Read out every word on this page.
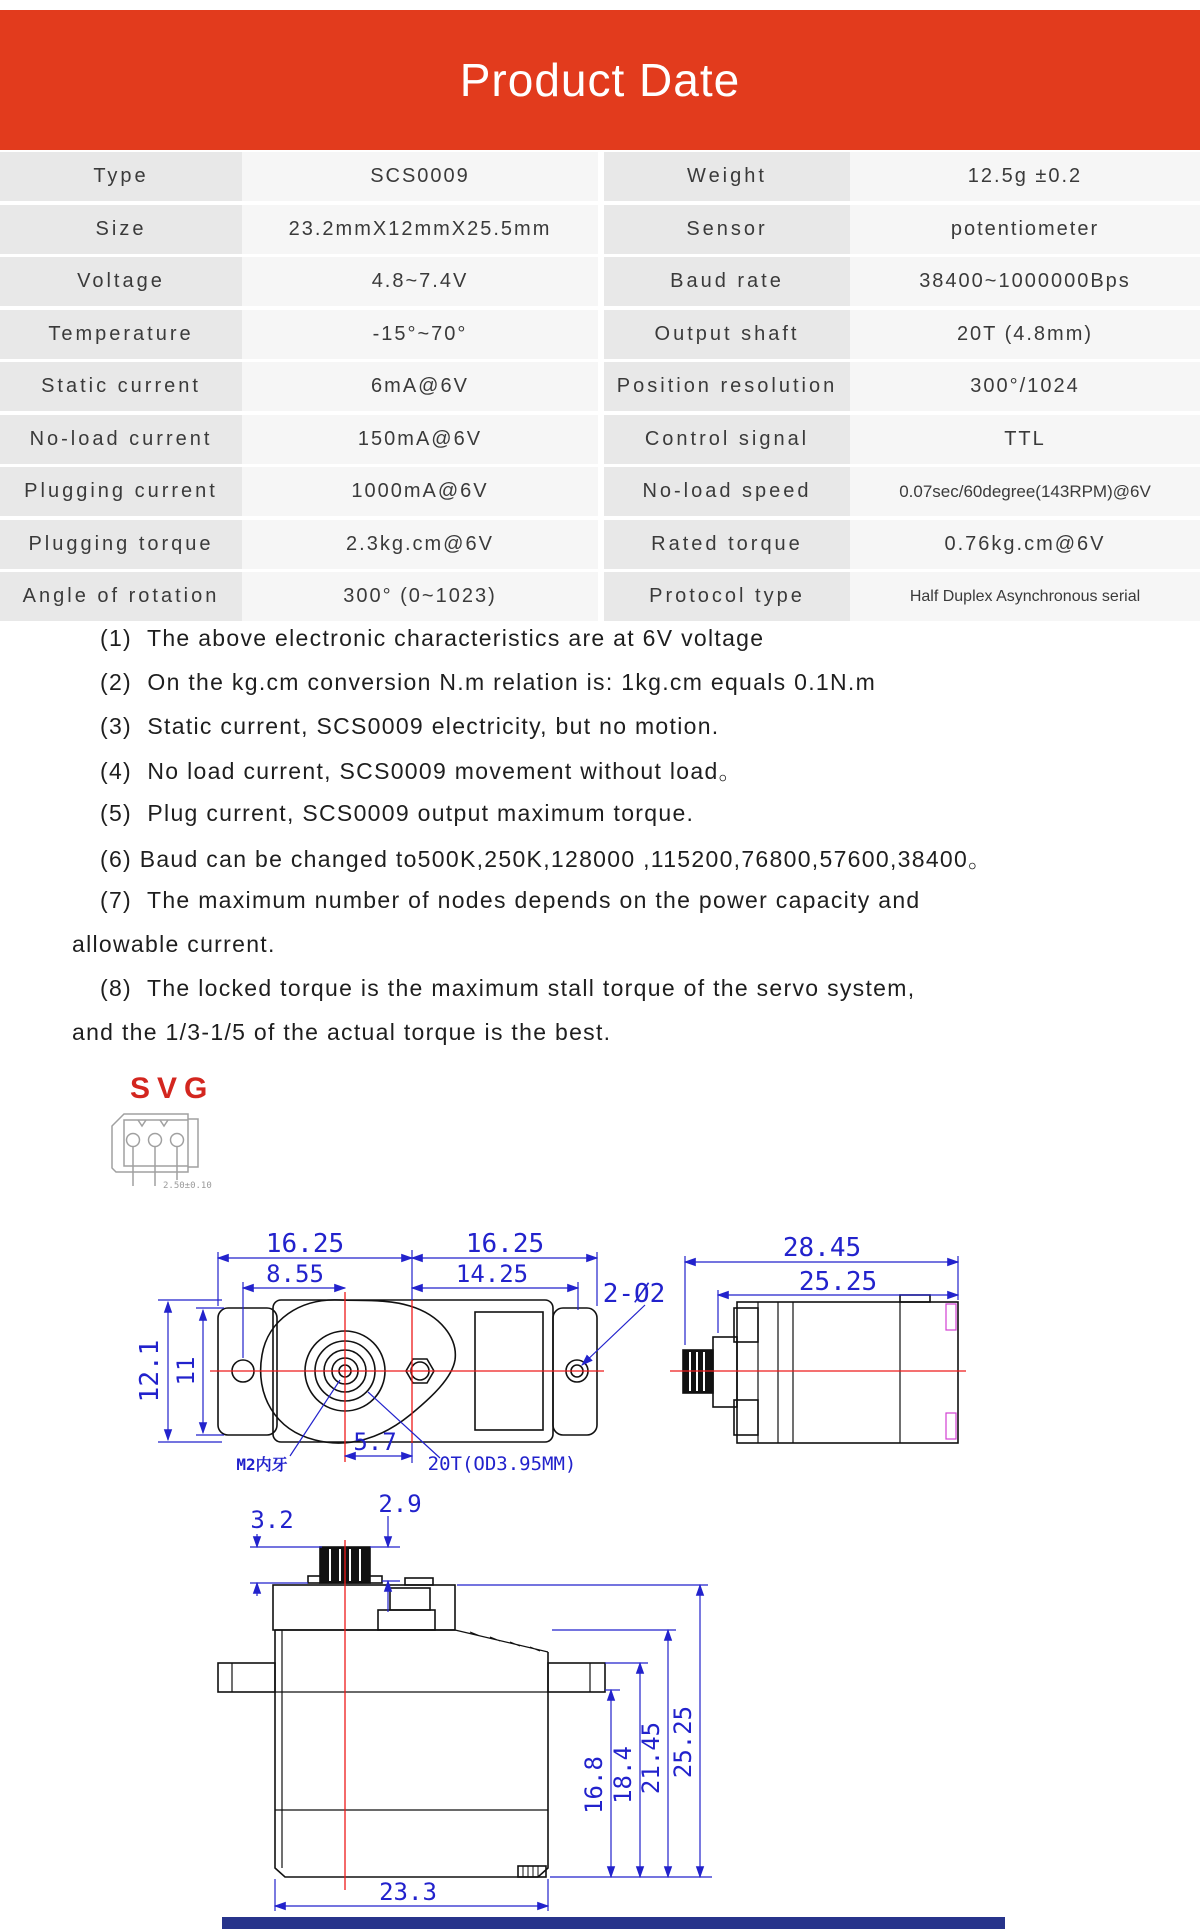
Product Date
Type	SCS0009	Weight	12.5g ±0.2
Size	23.2mmX12mmX25.5mm	Sensor	potentiometer
Voltage	4.8~7.4V	Baud rate	38400~1000000Bps
Temperature	-15°~70°	Output shaft	20T (4.8mm)
Static current	6mA@6V	Position resolution	300°/1024
No-load current	150mA@6V	Control signal	TTL
Plugging current	1000mA@6V	No-load speed	0.07sec/60degree(143RPM)@6V
Plugging torque	2.3kg.cm@6V	Rated torque	0.76kg.cm@6V
Angle of rotation	300° (0~1023)	Protocol type	Half Duplex Asynchronous serial
(1)  The above electronic characteristics are at 6V voltage
(2)  On the kg.cm conversion N.m relation is: 1kg.cm equals 0.1N.m
(3)  Static current, SCS0009 electricity, but no motion.
(4)  No load current, SCS0009 movement without load。
(5)  Plug current, SCS0009 output maximum torque.
(6) Baud can be changed to500K,250K,128000 ,115200,76800,57600,38400。
(7)  The maximum number of nodes depends on the power capacity and
allowable current.
(8)  The locked torque is the maximum stall torque of the servo system,
and the 1/3-1/5 of the actual torque is the best.
SVG
2.50±0.10
16.25	16.25
8.55	14.25
12.1 11
5.7
2-Ø2
M2内牙	20T(OD3.95MM)
28.45
25.25
3.2
2.9
16.8 18.4 21.45 25.25
23.3
